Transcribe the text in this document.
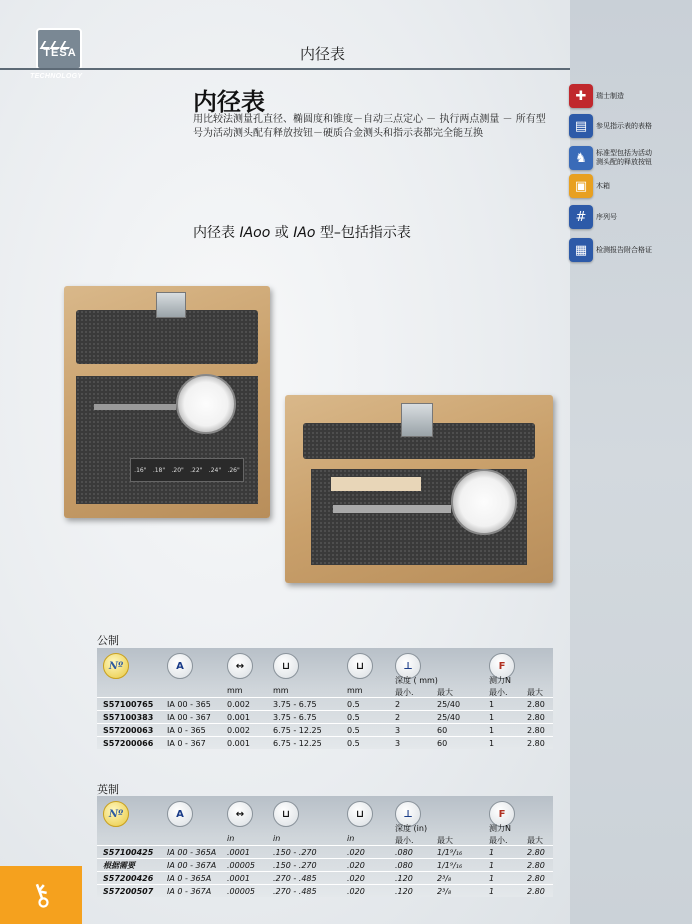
TESA
TECHNOLOGY
内径表
内径表
用比较法测量孔直径、椭圆度和锥度－自动三点定心 － 执行两点测量 － 所有型号为活动测头配有释放按钮－硬质合金测头和指示表都完全能互换
内径表 IAoo 或 IAo 型–包括指示表
✚	瑞士制造
▤	参见指示表的表格
♞	标准型包括为活动测头配的释放按钮
▣	木箱
#	序列号
▦	检测报告附合格证
.16" .18" .20" .22" .24" .26"
公制
Nº	A	↔	⊔	⊔	⊥	F
mm	mm	mm
深度 ( mm)
最小.	最大
测力N
最小. 最大
S57100765 IA 00 - 365 0.002	3.75 - 6.75	0.5	2	25/40	1	2.80
S57100383 IA 00 - 367 0.001	3.75 - 6.75	0.5	2	25/40	1	2.80
S57200063 IA 0 - 365	0.002	6.75 - 12.25	0.5	3	60	1	2.80
S57200066 IA 0 - 367	0.001	6.75 - 12.25	0.5	3	60	1	2.80
英制
Nº	A	↔	⊔	⊔	⊥	F
in	in	in
深度 (in)
最小.	最大
测力N
最小. 最大
S57100425 IA 00 - 365A .0001	.150 - .270	.020	.080	1/1⁹/₁₆	1	2.80
根据需要	IA 00 - 367A .00005 .150 - .270	.020	.080	1/1⁹/₁₆	1	2.80
S57200426 IA 0 - 365A .0001	.270 - .485	.020	.120	2³/₈	1	2.80
S57200507 IA 0 - 367A .00005 .270 - .485	.020	.120	2³/₈	1	2.80
⚷
